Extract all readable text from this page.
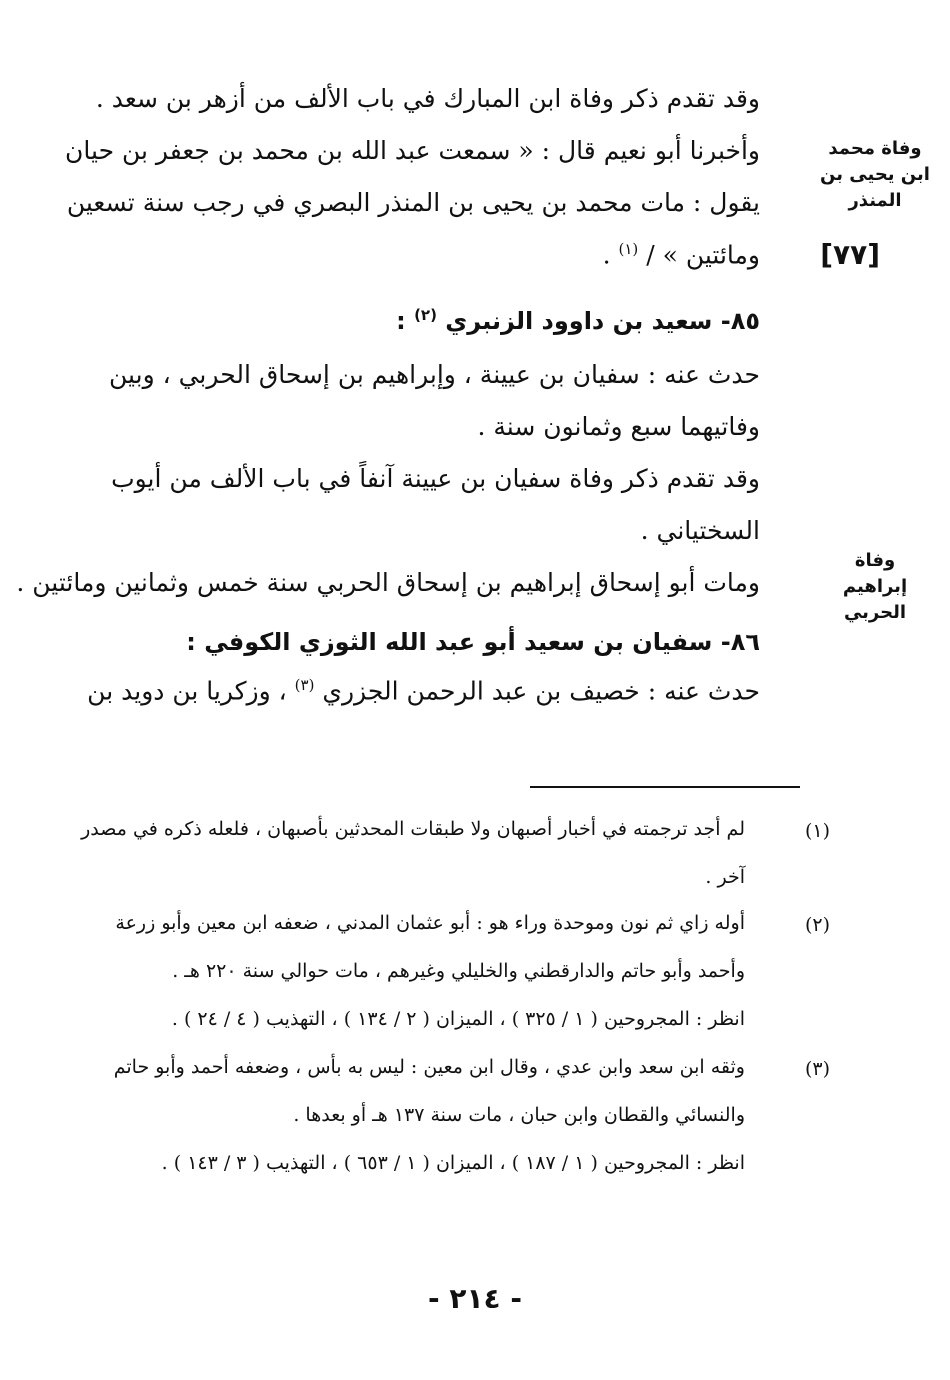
وقد تقدم ذكر وفاة ابن المبارك في باب الألف من أزهر بن سعد .
وأخبرنا أبو نعيم قال : « سمعت عبد الله بن محمد بن جعفر بن حيان
يقول : مات محمد بن يحيى بن المنذر البصري في رجب سنة تسعين
ومائتين » / $^{(١)}$ .	[٧٧]
٨٥- سعيد بن داوود الزنبري $^{(٢)}$ :
حدث عنه : سفيان بن عيينة ، وإبراهيم بن إسحاق الحربي ، وبين
وفاتيهما سبع وثمانون سنة .
وقد تقدم ذكر وفاة سفيان بن عيينة آنفاً في باب الألف من أيوب
السختياني .
ومات أبو إسحاق إبراهيم بن إسحاق الحربي سنة خمس وثمانين ومائتين .
٨٦- سفيان بن سعيد أبو عبد الله الثوزي الكوفي :
حدث عنه : خصيف بن عبد الرحمن الجزري $^{(٣)}$ ، وزكريا بن دويد بن
وفاة محمد ابن يحيى بن المنذر
وفاة إبراهيم الحربي
(١)
لم أجد ترجمته في أخبار أصبهان ولا طبقات المحدثين بأصبهان ، فلعله ذكره في مصدر
آخر .
(٢)
أوله زاي ثم نون وموحدة وراء هو : أبو عثمان المدني ، ضعفه ابن معين وأبو زرعة
وأحمد وأبو حاتم والدارقطني والخليلي وغيرهم ، مات حوالي سنة ٢٢٠ هـ .
انظر : المجروحين ( ١ / ٣٢٥ ) ، الميزان ( ٢ / ١٣٤ ) ، التهذيب ( ٤ / ٢٤ ) .
(٣)
وثقه ابن سعد وابن عدي ، وقال ابن معين : ليس به بأس ، وضعفه أحمد وأبو حاتم
والنسائي والقطان وابن حبان ، مات سنة ١٣٧ هـ أو بعدها .
انظر : المجروحين ( ١ / ١٨٧ ) ، الميزان ( ١ / ٦٥٣ ) ، التهذيب ( ٣ / ١٤٣ ) .
- ٢١٤ -
